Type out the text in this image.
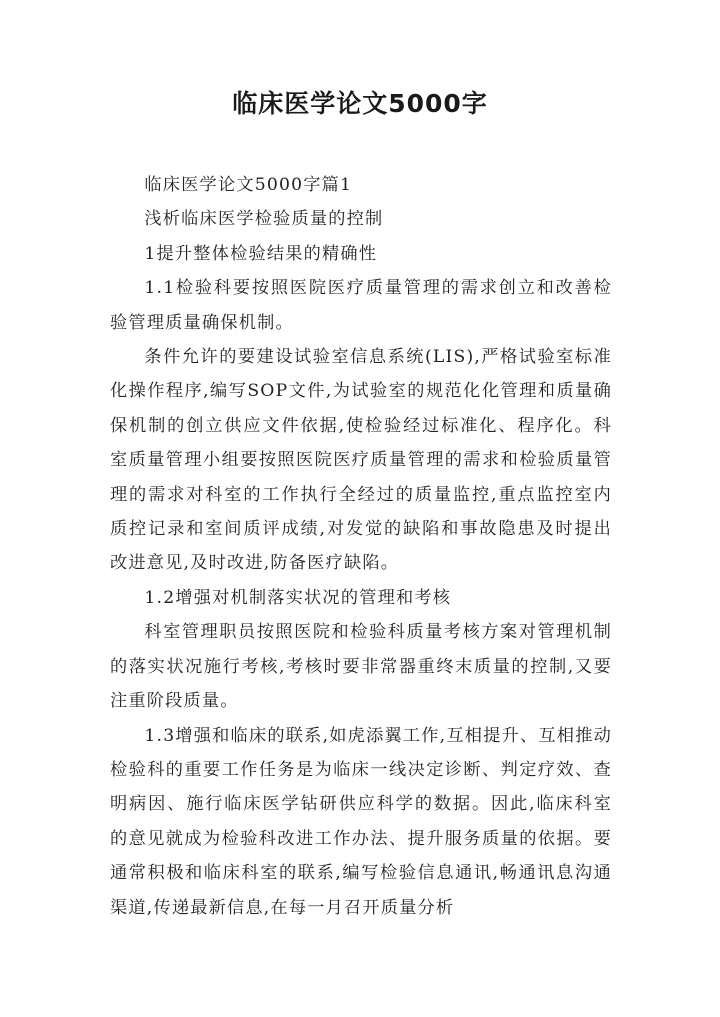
临床医学论文5000字

临床医学论文5000字篇1

浅析临床医学检验质量的控制

1提升整体检验结果的精确性

1.1检验科要按照医院医疗质量管理的需求创立和改善检验管理质量确保机制。

条件允许的要建设试验室信息系统(LIS),严格试验室标准化操作程序,编写SOP文件,为试验室的规范化化管理和质量确保机制的创立供应文件依据,使检验经过标准化、程序化。科室质量管理小组要按照医院医疗质量管理的需求和检验质量管理的需求对科室的工作执行全经过的质量监控,重点监控室内质控记录和室间质评成绩,对发觉的缺陷和事故隐患及时提出改进意见,及时改进,防备医疗缺陷。

1.2增强对机制落实状况的管理和考核

科室管理职员按照医院和检验科质量考核方案对管理机制的落实状况施行考核,考核时要非常器重终末质量的控制,又要注重阶段质量。

1.3增强和临床的联系,如虎添翼工作,互相提升、互相推动 检验科的重要工作任务是为临床一线决定诊断、判定疗效、查明病因、施行临床医学钻研供应科学的数据。因此,临床科室的意见就成为检验科改进工作办法、提升服务质量的依据。要通常积极和临床科室的联系,编写检验信息通讯,畅通讯息沟通渠道,传递最新信息,在每一月召开质量分析
